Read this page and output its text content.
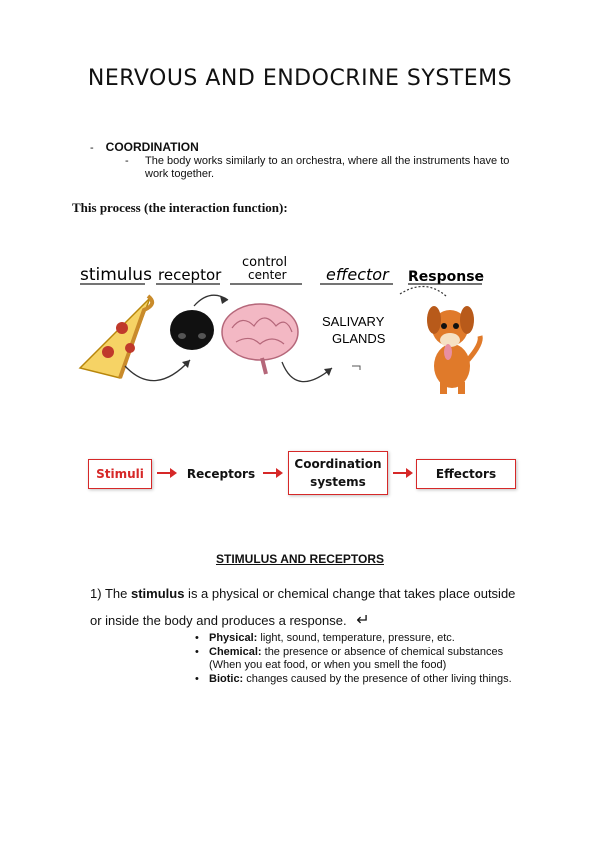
NERVOUS AND ENDOCRINE SYSTEMS
- COORDINATION
-	The body works similarly to an orchestra, where all the instruments have to work together.
This process (the interaction function):
stimulus receptor
control
center effector Response
SALIVARY
GLANDS
Stimuli	Receptors
Coordination
systems
Effectors
STIMULUS AND RECEPTORS
1) The stimulus is a physical or chemical change that takes place outside or inside the body and produces a response. ↵
• Physical: light, sound, temperature, pressure, etc.
• Chemical: the presence or absence of chemical substances (When you eat food, or when you smell the food)
• Biotic: changes caused by the presence of other living things.
